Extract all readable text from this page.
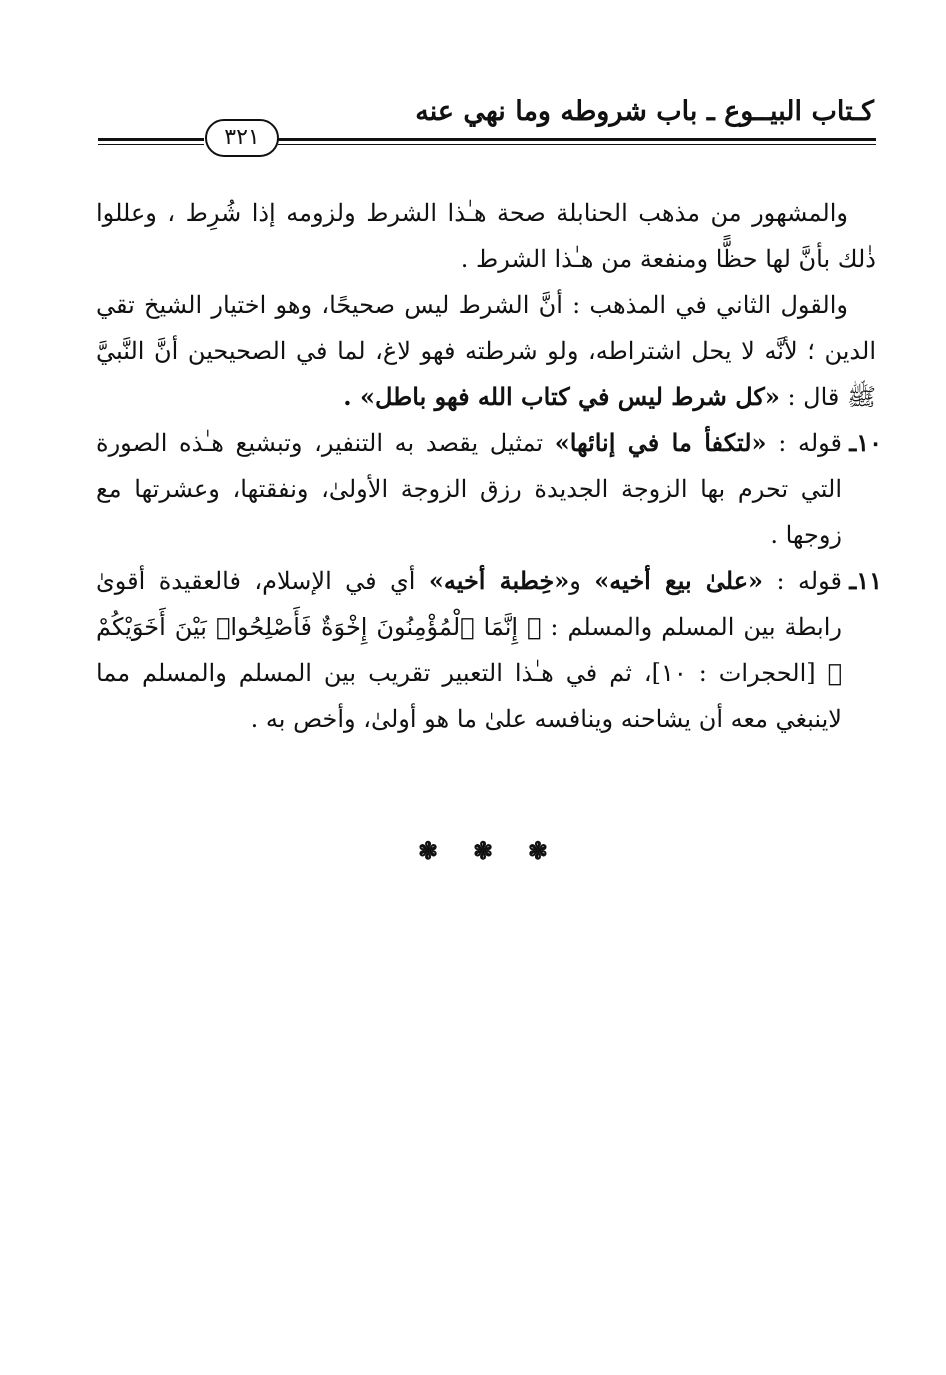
كـتاب البيــوع ـ باب شروطه وما نهي عنه
٣٢١

والمشهور من مذهب الحنابلة صحة هـٰذا الشرط ولزومه إذا شُرِط ، وعللوا ذٰلك بأنَّ لها حظًّا ومنفعة من هـٰذا الشرط .

والقول الثاني في المذهب : أنَّ الشرط ليس صحيحًا، وهو اختيار الشيخ تقي الدين ؛ لأنَّه لا يحل اشتراطه، ولو شرطته فهو لاغ، لما في الصحيحين أنَّ النَّبيَّ ﷺ قال : «كل شرط ليس في كتاب الله فهو باطل» .

١٠ـ
قوله : «لتكفأ ما في إنائها» تمثيل يقصد به التنفير، وتبشيع هـٰذه الصورة التي تحرم بها الزوجة الجديدة رزق الزوجة الأولىٰ، ونفقتها، وعشرتها مع زوجها .

١١ـ
قوله : «علىٰ بيع أخيه» و«خِطبة أخيه» أي في الإسلام، فالعقيدة أقوىٰ رابطة بين المسلم والمسلم : ﴿ إِنَّمَا ٱلْمُؤْمِنُونَ إِخْوَةٌ فَأَصْلِحُوا۟ بَيْنَ أَخَوَيْكُمْ ﴾ [الحجرات : ١٠]، ثم في هـٰذا التعبير تقريب بين المسلم والمسلم مما لاينبغي معه أن يشاحنه وينافسه علىٰ ما هو أولىٰ، وأخص به .

❃ ❃ ❃
